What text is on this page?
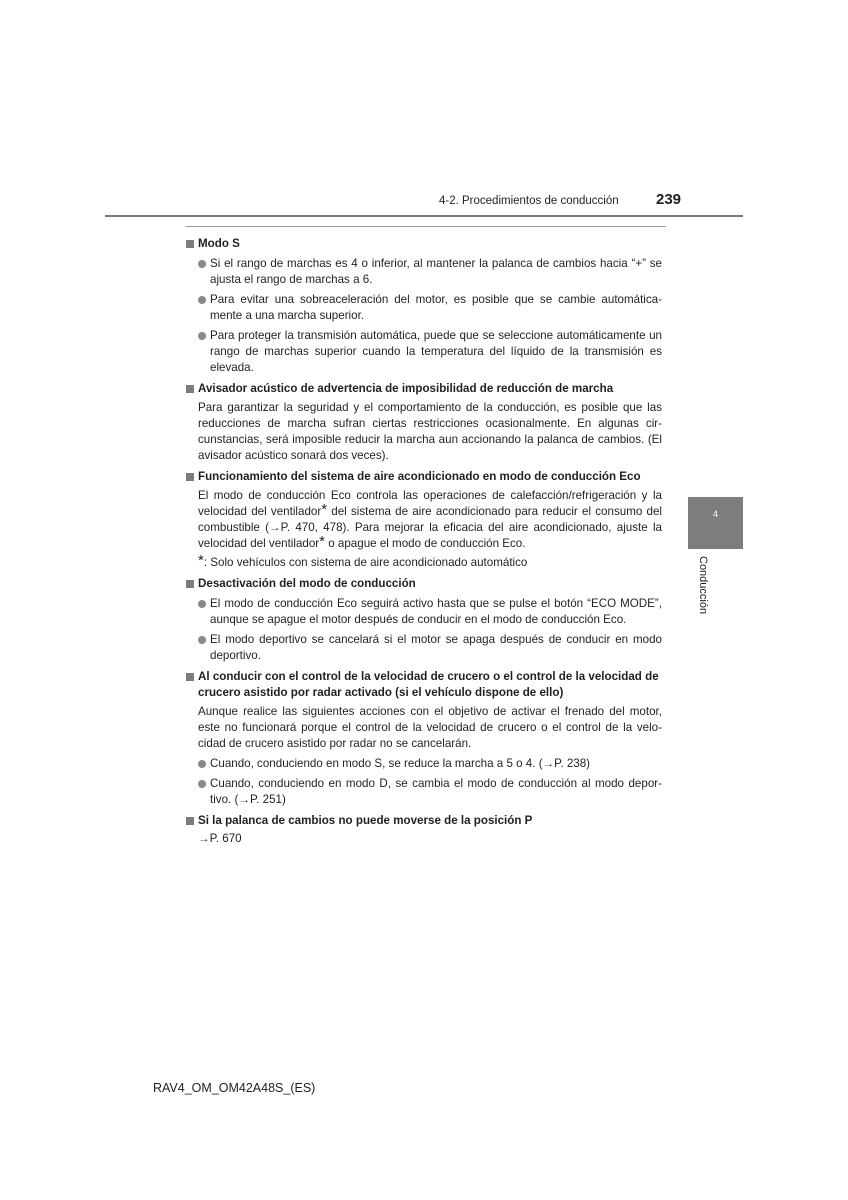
4-2. Procedimientos de conducción 239
4
Conducción
Modo S
Si el rango de marchas es 4 o inferior, al mantener la palanca de cambios hacia “+” se ajusta el rango de marchas a 6.
Para evitar una sobreaceleración del motor, es posible que se cambie automática-mente a una marcha superior.
Para proteger la transmisión automática, puede que se seleccione automáticamente un rango de marchas superior cuando la temperatura del líquido de la transmisión es elevada.
Avisador acústico de advertencia de imposibilidad de reducción de marcha
Para garantizar la seguridad y el comportamiento de la conducción, es posible que las reducciones de marcha sufran ciertas restricciones ocasionalmente. En algunas cir-cunstancias, será imposible reducir la marcha aun accionando la palanca de cambios. (El avisador acústico sonará dos veces).
Funcionamiento del sistema de aire acondicionado en modo de conducción Eco
El modo de conducción Eco controla las operaciones de calefacción/refrigeración y la velocidad del ventilador* del sistema de aire acondicionado para reducir el consumo del combustible (→P. 470, 478). Para mejorar la eficacia del aire acondicionado, ajuste la velocidad del ventilador* o apague el modo de conducción Eco.
*: Solo vehículos con sistema de aire acondicionado automático
Desactivación del modo de conducción
El modo de conducción Eco seguirá activo hasta que se pulse el botón “ECO MODE”, aunque se apague el motor después de conducir en el modo de conducción Eco.
El modo deportivo se cancelará si el motor se apaga después de conducir en modo deportivo.
Al conducir con el control de la velocidad de crucero o el control de la velocidad de crucero asistido por radar activado (si el vehículo dispone de ello)
Aunque realice las siguientes acciones con el objetivo de activar el frenado del motor, este no funcionará porque el control de la velocidad de crucero o el control de la velo-cidad de crucero asistido por radar no se cancelarán.
Cuando, conduciendo en modo S, se reduce la marcha a 5 o 4. (→P. 238)
Cuando, conduciendo en modo D, se cambia el modo de conducción al modo depor-tivo. (→P. 251)
Si la palanca de cambios no puede moverse de la posición P
→P. 670
RAV4_OM_OM42A48S_(ES)
